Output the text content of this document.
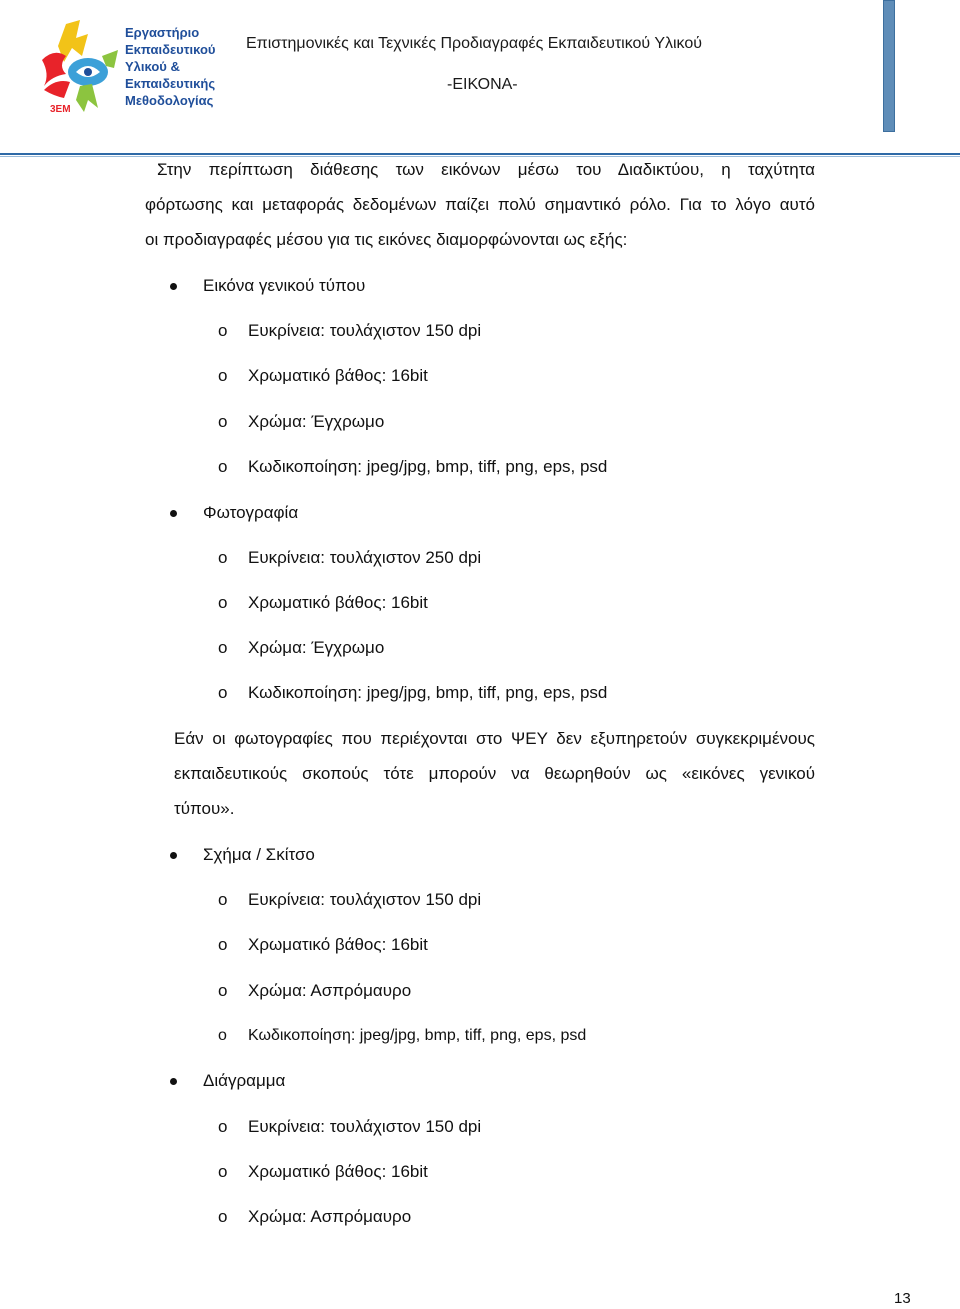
3ΕΜ
Εργαστήριο
Εκπαιδευτικού
Υλικού &
Εκπαιδευτικής
Μεθοδολογίας
Επιστημονικές και Τεχνικές Προδιαγραφές Εκπαιδευτικού Υλικού
-ΕΙΚΟΝΑ-
Στην περίπτωση διάθεσης των εικόνων μέσω του Διαδικτύου, η ταχύτητα
φόρτωσης και μεταφοράς δεδομένων παίζει πολύ σημαντικό ρόλο. Για το λόγο αυτό
οι προδιαγραφές μέσου για τις εικόνες διαμορφώνονται ως εξής:
Εικόνα γενικού τύπου
o Ευκρίνεια: τουλάχιστον 150 dpi
o Χρωματικό βάθος: 16bit
o Χρώμα: Έγχρωμο
o Κωδικοποίηση: jpeg/jpg, bmp, tiff, png, eps, psd
Φωτογραφία
o Ευκρίνεια: τουλάχιστον 250 dpi
o Χρωματικό βάθος: 16bit
o Χρώμα: Έγχρωμο
o Κωδικοποίηση: jpeg/jpg, bmp, tiff, png, eps, psd
Εάν οι φωτογραφίες που περιέχονται στο ΨΕΥ δεν εξυπηρετούν συγκεκριμένους
εκπαιδευτικούς σκοπούς τότε μπορούν να θεωρηθούν ως «εικόνες γενικού
τύπου».
Σχήμα / Σκίτσο
o Ευκρίνεια: τουλάχιστον 150 dpi
o Χρωματικό βάθος: 16bit
o Χρώμα: Ασπρόμαυρο
o Κωδικοποίηση: jpeg/jpg, bmp, tiff, png, eps, psd
Διάγραμμα
o Ευκρίνεια: τουλάχιστον 150 dpi
o Χρωματικό βάθος: 16bit
o Χρώμα: Ασπρόμαυρο
13
